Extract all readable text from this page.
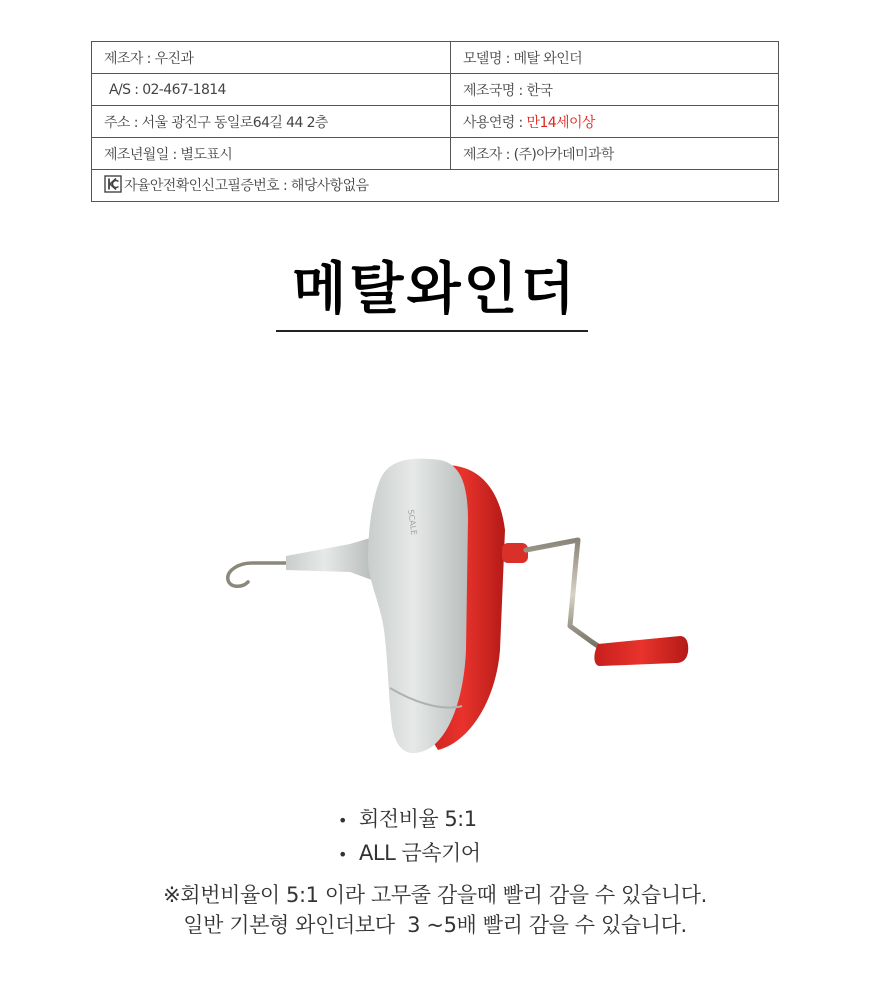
제조자 : 우진과	모델명 : 메탈 와인더
A/S : 02-467-1814	제조국명 : 한국
주소 : 서울 광진구 동일로64길 44 2층	사용연령 : 만14세이상
제조년월일 : 별도표시	제조자 : (주)아카데미과학
자율안전확인신고필증번호 : 해당사항없음	
메탈와인더
SCALE
• 회전비율 5:1
• ALL 금속기어
※회번비율이 5:1 이라 고무줄 감을때 빨리 감을 수 있습니다.
일반 기본형 와인더보다  3 ~5배 빨리 감을 수 있습니다.
